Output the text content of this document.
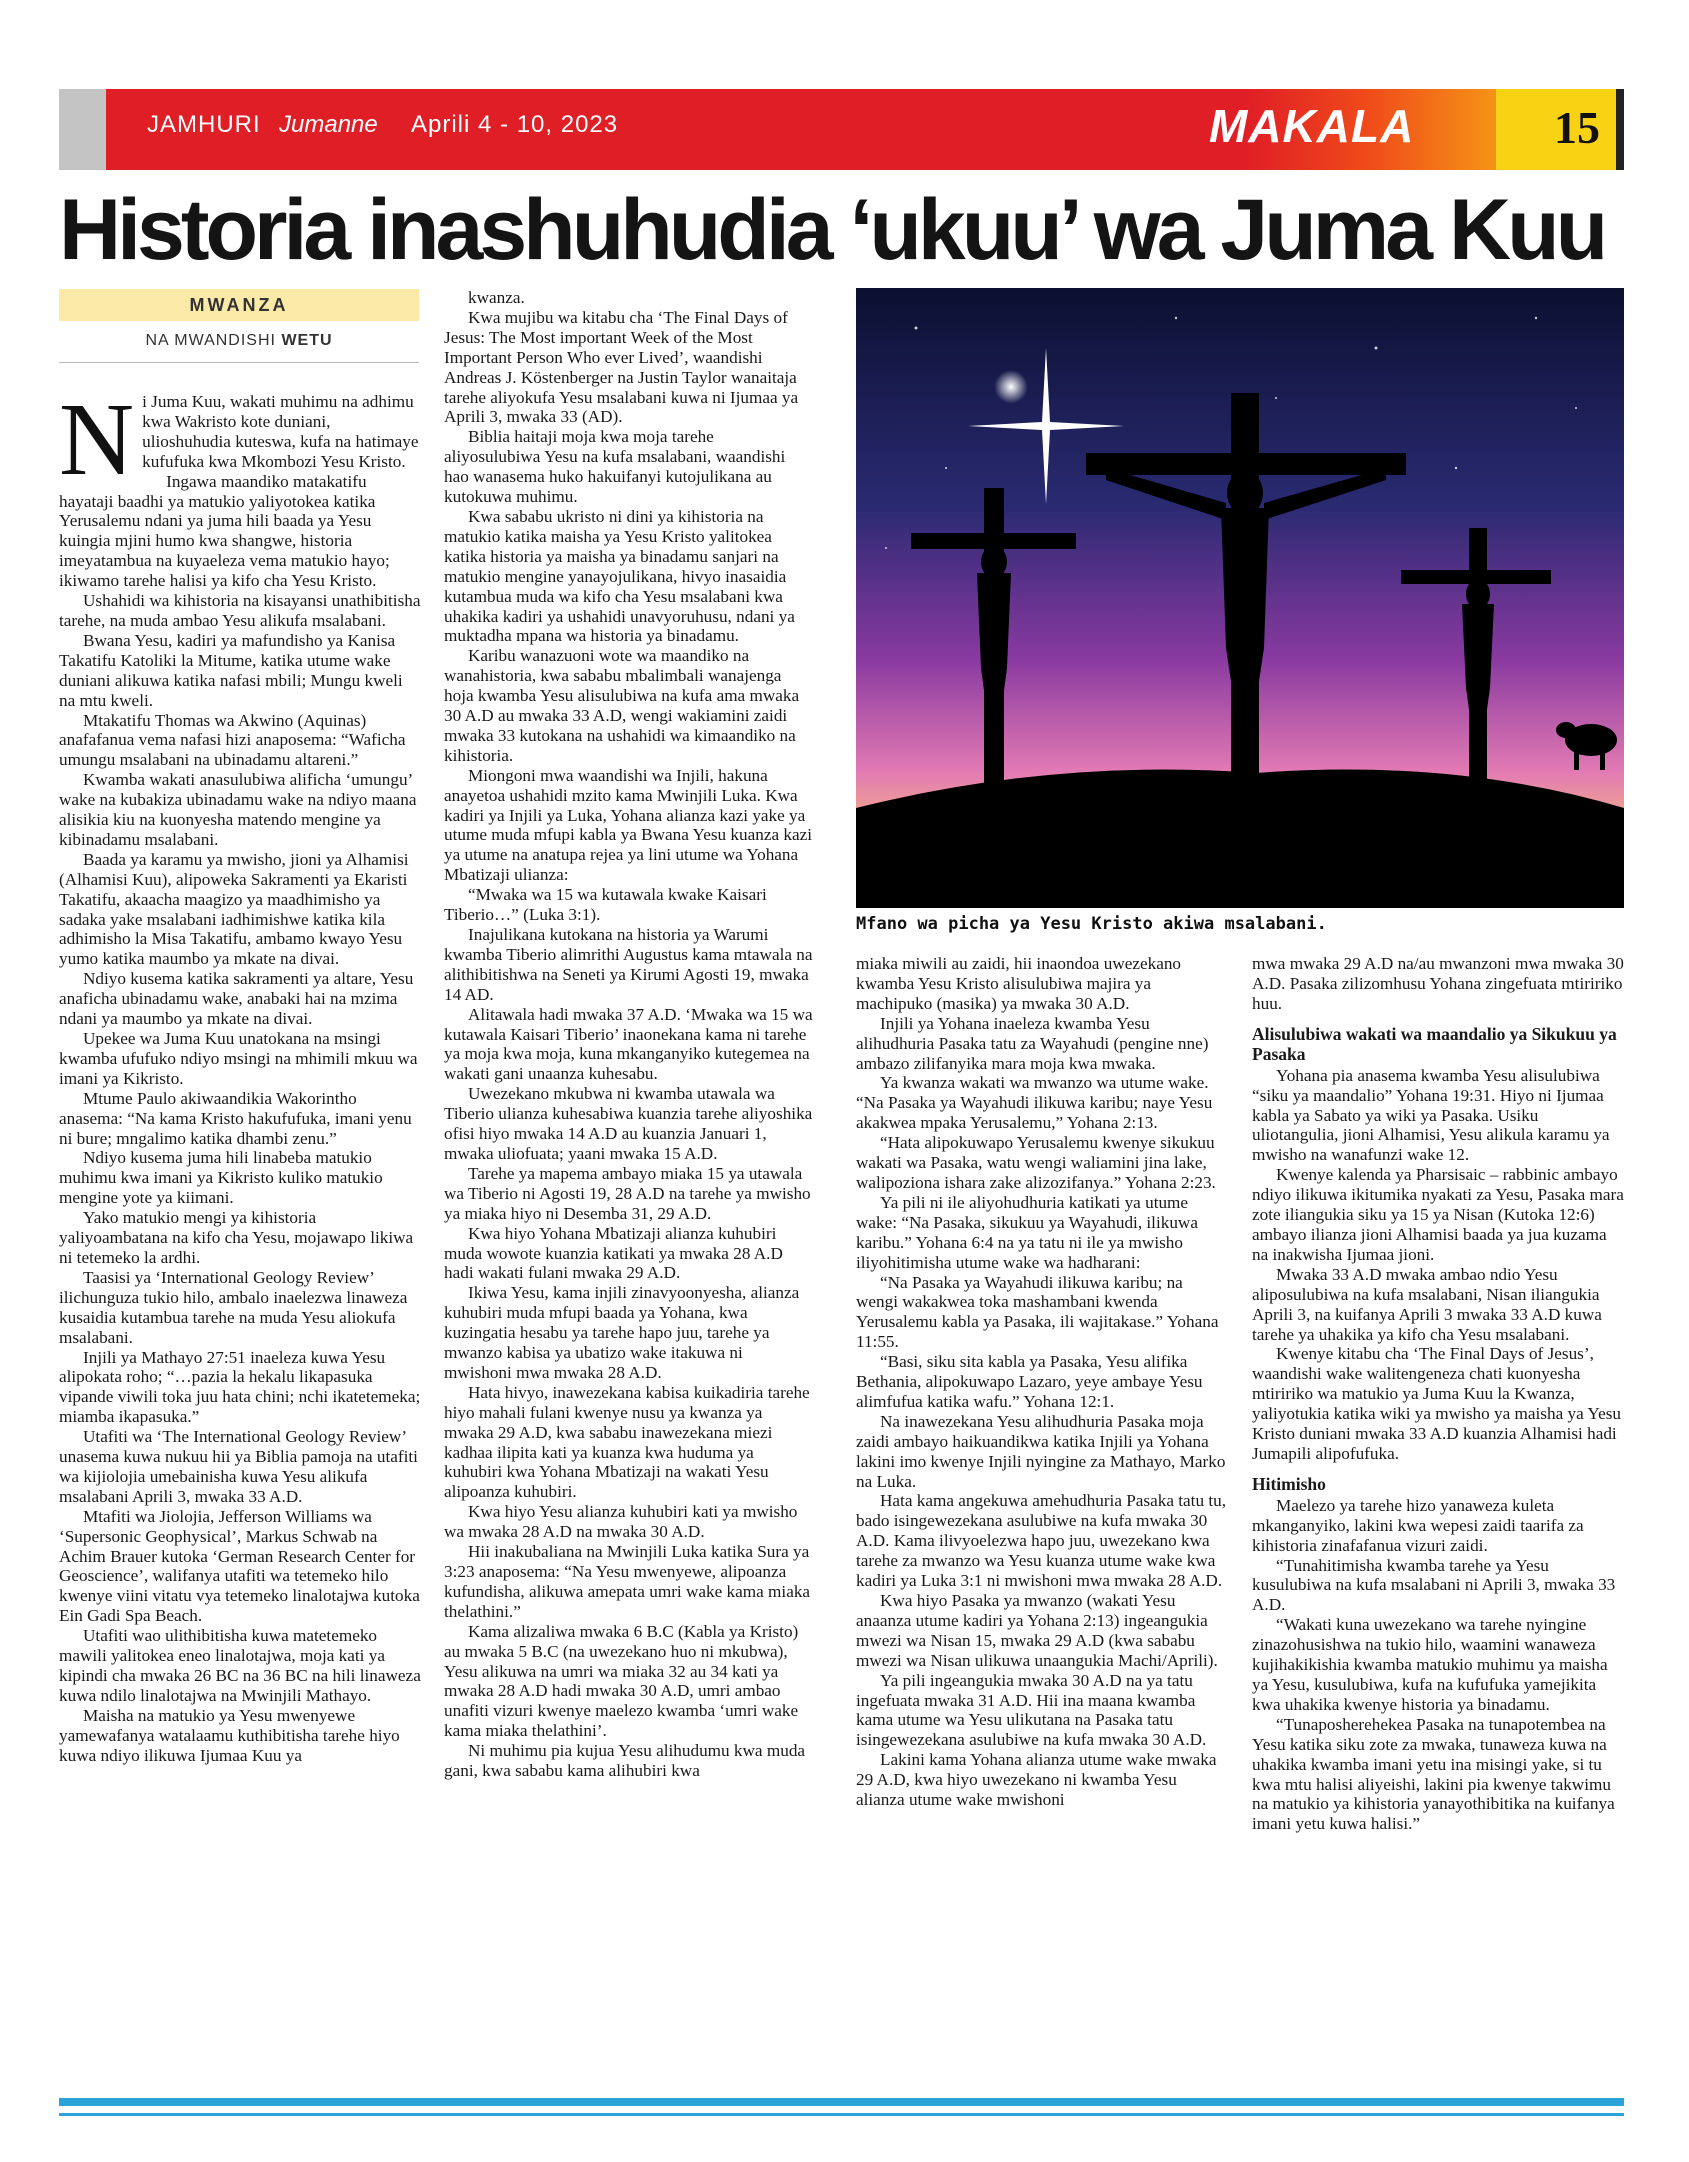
JAMHURI Jumanne Aprili 4 - 10, 2023	MAKALA	15
Historia inashuhudia ‘ukuu’ wa Juma Kuu
MWANZA
NA MWANDISHI WETU
N i Juma Kuu, wakati muhimu na adhimu kwa Wakristo kote duniani, ulioshuhudia kuteswa, kufa na hatimaye kufufuka kwa Mkombozi Yesu Kristo.

Ingawa maandiko matakatifu hayataji baadhi ya matukio yaliyotokea katika Yerusalemu ndani ya juma hili baada ya Yesu kuingia mjini humo kwa shangwe, historia imeyatambua na kuyaeleza vema matukio hayo; ikiwamo tarehe halisi ya kifo cha Yesu Kristo.

Ushahidi wa kihistoria na kisayansi unathibitisha tarehe, na muda ambao Yesu alikufa msalabani.

Bwana Yesu, kadiri ya mafundisho ya Kanisa Takatifu Katoliki la Mitume, katika utume wake duniani alikuwa katika nafasi mbili; Mungu kweli na mtu kweli.

Mtakatifu Thomas wa Akwino (Aquinas) anafafanua vema nafasi hizi anaposema: “Waficha umungu msalabani na ubinadamu altareni.”

Kwamba wakati anasulubiwa alificha ‘umungu’ wake na kubakiza ubinadamu wake na ndiyo maana alisikia kiu na kuonyesha matendo mengine ya kibinadamu msalabani.

Baada ya karamu ya mwisho, jioni ya Alhamisi (Alhamisi Kuu), alipoweka Sakramenti ya Ekaristi Takatifu, akaacha maagizo ya maadhimisho ya sadaka yake msalabani iadhimishwe katika kila adhimisho la Misa Takatifu, ambamo kwayo Yesu yumo katika maumbo ya mkate na divai.

Ndiyo kusema katika sakramenti ya altare, Yesu anaficha ubinadamu wake, anabaki hai na mzima ndani ya maumbo ya mkate na divai.

Upekee wa Juma Kuu unatokana na msingi kwamba ufufuko ndiyo msingi na mhimili mkuu wa imani ya Kikristo.

Mtume Paulo akiwaandikia Wakorintho anasema: “Na kama Kristo hakufufuka, imani yenu ni bure; mngalimo katika dhambi zenu.”

Ndiyo kusema juma hili linabeba matukio muhimu kwa imani ya Kikristo kuliko matukio mengine yote ya kiimani.

Yako matukio mengi ya kihistoria yaliyoambatana na kifo cha Yesu, mojawapo likiwa ni tetemeko la ardhi.

Taasisi ya ‘International Geology Review’ ilichunguza tukio hilo, ambalo inaelezwa linaweza kusaidia kutambua tarehe na muda Yesu aliokufa msalabani.

Injili ya Mathayo 27:51 inaeleza kuwa Yesu alipokata roho; “…pazia la hekalu likapasuka vipande viwili toka juu hata chini; nchi ikatetemeka; miamba ikapasuka.”

Utafiti wa ‘The International Geology Review’ unasema kuwa nukuu hii ya Biblia pamoja na utafiti wa kijiolojia umebainisha kuwa Yesu alikufa msalabani Aprili 3, mwaka 33 A.D.

Mtafiti wa Jiolojia, Jefferson Williams wa ‘Supersonic Geophysical’, Markus Schwab na Achim Brauer kutoka ‘German Research Center for Geoscience’, walifanya utafiti wa tetemeko hilo kwenye viini vitatu vya tetemeko linalotajwa kutoka Ein Gadi Spa Beach.

Utafiti wao ulithibitisha kuwa matetemeko mawili yalitokea eneo linalotajwa, moja kati ya kipindi cha mwaka 26 BC na 36 BC na hili linaweza kuwa ndilo linalotajwa na Mwinjili Mathayo.

Maisha na matukio ya Yesu mwenyewe yamewafanya watalaamu kuthibitisha tarehe hiyo kuwa ndiyo ilikuwa Ijumaa Kuu ya

kwanza.

Kwa mujibu wa kitabu cha ‘The Final Days of Jesus: The Most important Week of the Most Important Person Who ever Lived’, waandishi Andreas J. Köstenberger na Justin Taylor wanaitaja tarehe aliyokufa Yesu msalabani kuwa ni Ijumaa ya Aprili 3, mwaka 33 (AD).

Biblia haitaji moja kwa moja tarehe aliyosulubiwa Yesu na kufa msalabani, waandishi hao wanasema huko hakuifanyi kutojulikana au kutokuwa muhimu.

Kwa sababu ukristo ni dini ya kihistoria na matukio katika maisha ya Yesu Kristo yalitokea katika historia ya maisha ya binadamu sanjari na matukio mengine yanayojulikana, hivyo inasaidia kutambua muda wa kifo cha Yesu msalabani kwa uhakika kadiri ya ushahidi unavyoruhusu, ndani ya muktadha mpana wa historia ya binadamu.

Karibu wanazuoni wote wa maandiko na wanahistoria, kwa sababu mbalimbali wanajenga hoja kwamba Yesu alisulubiwa na kufa ama mwaka 30 A.D au mwaka 33 A.D, wengi wakiamini zaidi mwaka 33 kutokana na ushahidi wa kimaandiko na kihistoria.

Miongoni mwa waandishi wa Injili, hakuna anayetoa ushahidi mzito kama Mwinjili Luka. Kwa kadiri ya Injili ya Luka, Yohana alianza kazi yake ya utume muda mfupi kabla ya Bwana Yesu kuanza kazi ya utume na anatupa rejea ya lini utume wa Yohana Mbatizaji ulianza:

“Mwaka wa 15 wa kutawala kwake Kaisari Tiberio…” (Luka 3:1).

Inajulikana kutokana na historia ya Warumi kwamba Tiberio alimrithi Augustus kama mtawala na alithibitishwa na Seneti ya Kirumi Agosti 19, mwaka 14 AD.

Alitawala hadi mwaka 37 A.D. ‘Mwaka wa 15 wa kutawala Kaisari Tiberio’ inaonekana kama ni tarehe ya moja kwa moja, kuna mkanganyiko kutegemea na wakati gani unaanza kuhesabu.

Uwezekano mkubwa ni kwamba utawala wa Tiberio ulianza kuhesabiwa kuanzia tarehe aliyoshika ofisi hiyo mwaka 14 A.D au kuanzia Januari 1, mwaka uliofuata; yaani mwaka 15 A.D.

Tarehe ya mapema ambayo miaka 15 ya utawala wa Tiberio ni Agosti 19, 28 A.D na tarehe ya mwisho ya miaka hiyo ni Desemba 31, 29 A.D.

Kwa hiyo Yohana Mbatizaji alianza kuhubiri muda wowote kuanzia katikati ya mwaka 28 A.D hadi wakati fulani mwaka 29 A.D.

Ikiwa Yesu, kama injili zinavyoonyesha, alianza kuhubiri muda mfupi baada ya Yohana, kwa kuzingatia hesabu ya tarehe hapo juu, tarehe ya mwanzo kabisa ya ubatizo wake itakuwa ni mwishoni mwa mwaka 28 A.D.

Hata hivyo, inawezekana kabisa kuikadiria tarehe hiyo mahali fulani kwenye nusu ya kwanza ya mwaka 29 A.D, kwa sababu inawezekana miezi kadhaa ilipita kati ya kuanza kwa huduma ya kuhubiri kwa Yohana Mbatizaji na wakati Yesu alipoanza kuhubiri.

Kwa hiyo Yesu alianza kuhubiri kati ya mwisho wa mwaka 28 A.D na mwaka 30 A.D.

Hii inakubaliana na Mwinjili Luka katika Sura ya 3:23 anaposema: “Na Yesu mwenyewe, alipoanza kufundisha, alikuwa amepata umri wake kama miaka thelathini.”

Kama alizaliwa mwaka 6 B.C (Kabla ya Kristo) au mwaka 5 B.C (na uwezekano huo ni mkubwa), Yesu alikuwa na umri wa miaka 32 au 34 kati ya mwaka 28 A.D hadi mwaka 30 A.D, umri ambao unafiti vizuri kwenye maelezo kwamba ‘umri wake kama miaka thelathini’.

Ni muhimu pia kujua Yesu alihudumu kwa muda gani, kwa sababu kama alihubiri kwa

Mfano wa picha ya Yesu Kristo akiwa msalabani.

miaka miwili au zaidi, hii inaondoa uwezekano kwamba Yesu Kristo alisulubiwa majira ya machipuko (masika) ya mwaka 30 A.D.

Injili ya Yohana inaeleza kwamba Yesu alihudhuria Pasaka tatu za Wayahudi (pengine nne) ambazo zilifanyika mara moja kwa mwaka.

Ya kwanza wakati wa mwanzo wa utume wake. “Na Pasaka ya Wayahudi ilikuwa karibu; naye Yesu akakwea mpaka Yerusalemu,” Yohana 2:13.

“Hata alipokuwapo Yerusalemu kwenye sikukuu wakati wa Pasaka, watu wengi waliamini jina lake, walipoziona ishara zake alizozifanya.” Yohana 2:23.

Ya pili ni ile aliyohudhuria katikati ya utume wake: “Na Pasaka, sikukuu ya Wayahudi, ilikuwa karibu.” Yohana 6:4 na ya tatu ni ile ya mwisho iliyohitimisha utume wake wa hadharani:

“Na Pasaka ya Wayahudi ilikuwa karibu; na wengi wakakwea toka mashambani kwenda Yerusalemu kabla ya Pasaka, ili wajitakase.” Yohana 11:55.

“Basi, siku sita kabla ya Pasaka, Yesu alifika Bethania, alipokuwapo Lazaro, yeye ambaye Yesu alimfufua katika wafu.” Yohana 12:1.

Na inawezekana Yesu alihudhuria Pasaka moja zaidi ambayo haikuandikwa katika Injili ya Yohana lakini imo kwenye Injili nyingine za Mathayo, Marko na Luka.

Hata kama angekuwa amehudhuria Pasaka tatu tu, bado isingewezekana asulubiwe na kufa mwaka 30 A.D. Kama ilivyoelezwa hapo juu, uwezekano kwa tarehe za mwanzo wa Yesu kuanza utume wake kwa kadiri ya Luka 3:1 ni mwishoni mwa mwaka 28 A.D.

Kwa hiyo Pasaka ya mwanzo (wakati Yesu anaanza utume kadiri ya Yohana 2:13) ingeangukia mwezi wa Nisan 15, mwaka 29 A.D (kwa sababu mwezi wa Nisan ulikuwa unaangukia Machi/Aprili).

Ya pili ingeangukia mwaka 30 A.D na ya tatu ingefuata mwaka 31 A.D. Hii ina maana kwamba kama utume wa Yesu ulikutana na Pasaka tatu isingewezekana asulubiwe na kufa mwaka 30 A.D.

Lakini kama Yohana alianza utume wake mwaka 29 A.D, kwa hiyo uwezekano ni kwamba Yesu alianza utume wake mwishoni

mwa mwaka 29 A.D na/au mwanzoni mwa mwaka 30 A.D. Pasaka zilizomhusu Yohana zingefuata mtiririko huu.

Alisulubiwa wakati wa maandalio ya Sikukuu ya Pasaka

Yohana pia anasema kwamba Yesu alisulubiwa “siku ya maandalio” Yohana 19:31. Hiyo ni Ijumaa kabla ya Sabato ya wiki ya Pasaka. Usiku uliotangulia, jioni Alhamisi, Yesu alikula karamu ya mwisho na wanafunzi wake 12.

Kwenye kalenda ya Pharsisaic – rabbinic ambayo ndiyo ilikuwa ikitumika nyakati za Yesu, Pasaka mara zote iliangukia siku ya 15 ya Nisan (Kutoka 12:6) ambayo ilianza jioni Alhamisi baada ya jua kuzama na inakwisha Ijumaa jioni.

Mwaka 33 A.D mwaka ambao ndio Yesu aliposulubiwa na kufa msalabani, Nisan iliangukia Aprili 3, na kuifanya Aprili 3 mwaka 33 A.D kuwa tarehe ya uhakika ya kifo cha Yesu msalabani.

Kwenye kitabu cha ‘The Final Days of Jesus’, waandishi wake walitengeneza chati kuonyesha mtiririko wa matukio ya Juma Kuu la Kwanza, yaliyotukia katika wiki ya mwisho ya maisha ya Yesu Kristo duniani mwaka 33 A.D kuanzia Alhamisi hadi Jumapili alipofufuka.

Hitimisho

Maelezo ya tarehe hizo yanaweza kuleta mkanganyiko, lakini kwa wepesi zaidi taarifa za kihistoria zinafafanua vizuri zaidi.

“Tunahitimisha kwamba tarehe ya Yesu kusulubiwa na kufa msalabani ni Aprili 3, mwaka 33 A.D.

“Wakati kuna uwezekano wa tarehe nyingine zinazohusishwa na tukio hilo, waamini wanaweza kujihakikishia kwamba matukio muhimu ya maisha ya Yesu, kusulubiwa, kufa na kufufuka yamejikita kwa uhakika kwenye historia ya binadamu.

“Tunaposherehekea Pasaka na tunapotembea na Yesu katika siku zote za mwaka, tunaweza kuwa na uhakika kwamba imani yetu ina misingi yake, si tu kwa mtu halisi aliyeishi, lakini pia kwenye takwimu na matukio ya kihistoria yanayothibitika na kuifanya imani yetu kuwa halisi.”
